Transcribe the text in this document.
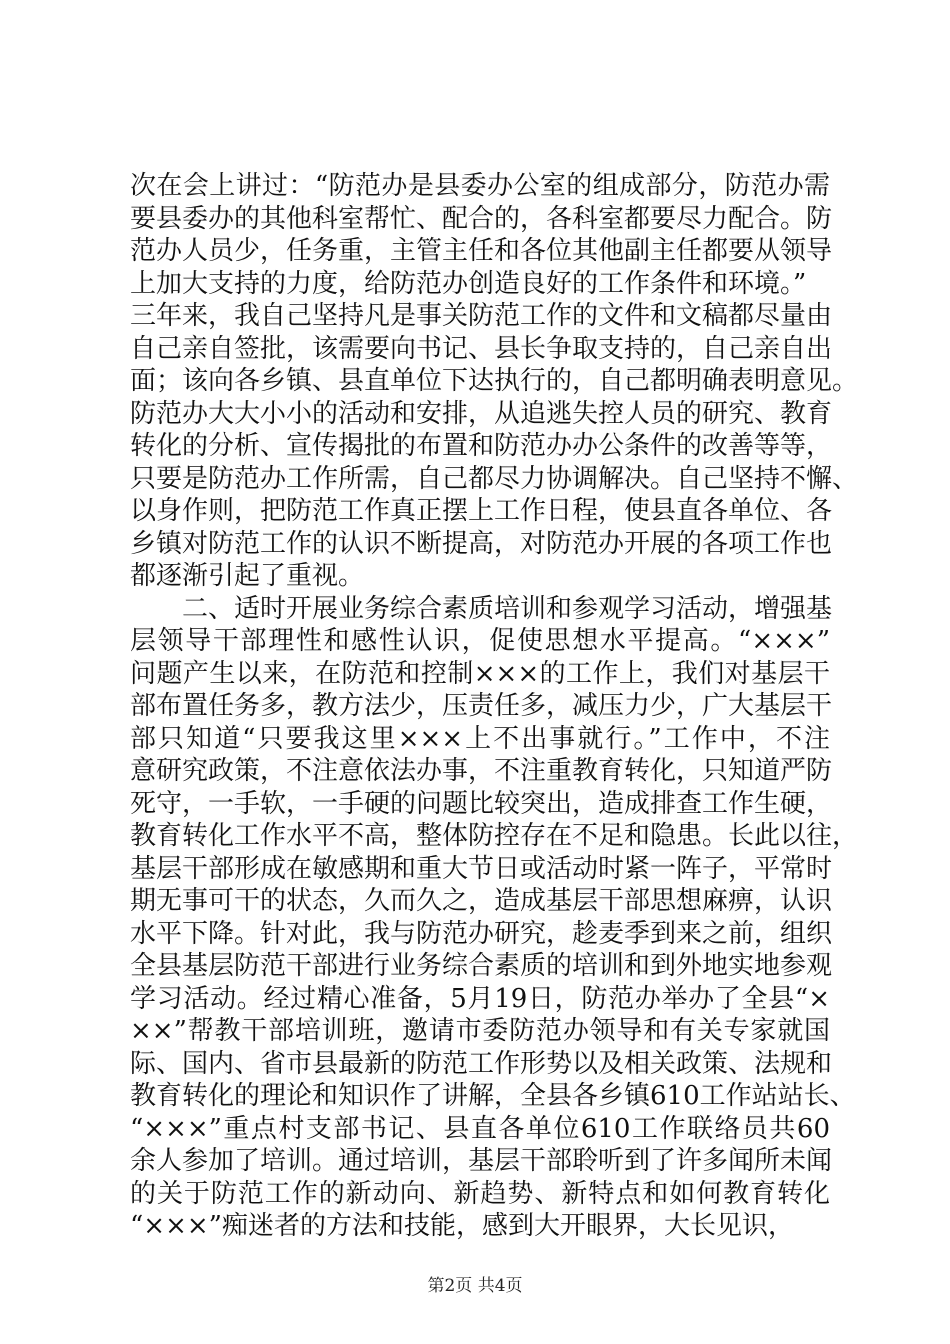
次在会上讲过：“防范办是县委办公室的组成部分，防范办需
要县委办的其他科室帮忙、配合的，各科室都要尽力配合。防
范办人员少，任务重，主管主任和各位其他副主任都要从领导
上加大支持的力度，给防范办创造良好的工作条件和环境。”
三年来，我自己坚持凡是事关防范工作的文件和文稿都尽量由
自己亲自签批，该需要向书记、县长争取支持的，自己亲自出
面；该向各乡镇、县直单位下达执行的，自己都明确表明意见。
防范办大大小小的活动和安排，从追逃失控人员的研究、教育
转化的分析、宣传揭批的布置和防范办办公条件的改善等等，
只要是防范办工作所需，自己都尽力协调解决。自己坚持不懈、
以身作则，把防范工作真正摆上工作日程，使县直各单位、各
乡镇对防范工作的认识不断提高，对防范办开展的各项工作也
都逐渐引起了重视。
　　二、适时开展业务综合素质培训和参观学习活动，增强基
层领导干部理性和感性认识，促使思想水平提高。“×××”
问题产生以来，在防范和控制×××的工作上，我们对基层干
部布置任务多，教方法少，压责任多，减压力少，广大基层干
部只知道“只要我这里×××上不出事就行。”工作中，不注
意研究政策，不注意依法办事，不注重教育转化，只知道严防
死守，一手软，一手硬的问题比较突出，造成排查工作生硬，
教育转化工作水平不高，整体防控存在不足和隐患。长此以往，
基层干部形成在敏感期和重大节日或活动时紧一阵子，平常时
期无事可干的状态，久而久之，造成基层干部思想麻痹，认识
水平下降。针对此，我与防范办研究，趁麦季到来之前，组织
全县基层防范干部进行业务综合素质的培训和到外地实地参观
学习活动。经过精心准备，5月19日，防范办举办了全县“×
××”帮教干部培训班，邀请市委防范办领导和有关专家就国
际、国内、省市县最新的防范工作形势以及相关政策、法规和
教育转化的理论和知识作了讲解，全县各乡镇610工作站站长、
“×××”重点村支部书记、县直各单位610工作联络员共60
余人参加了培训。通过培训，基层干部聆听到了许多闻所未闻
的关于防范工作的新动向、新趋势、新特点和如何教育转化
“×××”痴迷者的方法和技能，感到大开眼界，大长见识，
第2页 共4页
